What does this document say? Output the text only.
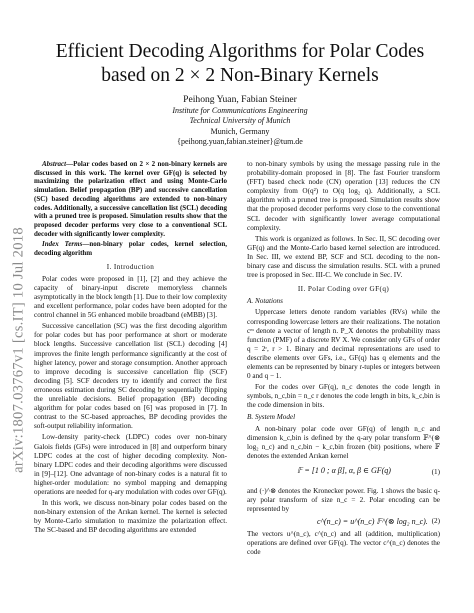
arXiv:1807.03767v1 [cs.IT] 10 Jul 2018
Efficient Decoding Algorithms for Polar Codes
based on 2 × 2 Non-Binary Kernels
Peihong Yuan, Fabian Steiner
Institute for Communications Engineering
Technical University of Munich
Munich, Germany
{peihong.yuan,fabian.steiner}@tum.de

Abstract—Polar codes based on 2 × 2 non-binary kernels are discussed in this work. The kernel over GF(q) is selected by maximizing the polarization effect and using Monte-Carlo simulation. Belief propagation (BP) and successive cancellation (SC) based decoding algorithms are extended to non-binary codes. Additionally, a successive cancellation list (SCL) decoding with a pruned tree is proposed. Simulation results show that the proposed decoder performs very close to a conventional SCL decoder with significantly lower complexity.

Index Terms—non-binary polar codes, kernel selection, decoding algorithm

I. Introduction

Polar codes were proposed in [1], [2] and they achieve the capacity of binary-input discrete memoryless channels asymptotically in the block length [1]. Due to their low complexity and excellent performance, polar codes have been adopted for the control channel in 5G enhanced mobile broadband (eMBB) [3].

Successive cancellation (SC) was the first decoding algorithm for polar codes but has poor performance at short or moderate block lengths. Successive cancellation list (SCL) decoding [4] improves the finite length performance significantly at the cost of higher latency, power and storage consumption. Another approach to improve decoding is successive cancellation flip (SCF) decoding [5]. SCF decoders try to identify and correct the first erroneous estimation during SC decoding by sequentially flipping the unreliable decisions. Belief propagation (BP) decoding algorithm for polar codes based on [6] was proposed in [7]. In contrast to the SC-based approaches, BP decoding provides the soft-output reliability information.

Low-density parity-check (LDPC) codes over non-binary Galois fields (GFs) were introduced in [8] and outperform binary LDPC codes at the cost of higher decoding complexity. Non-binary LDPC codes and their decoding algorithms were discussed in [9]–[12]. One advantage of non-binary codes is a natural fit to higher-order modulation: no symbol mapping and demapping operations are needed for q-ary modulation with codes over GF(q).

In this work, we discuss non-binary polar codes based on the non-binary extension of the Arıkan kernel. The kernel is selected by Monte-Carlo simulation to maximize the polarization effect. The SC-based and BP decoding algorithms are extended

to non-binary symbols by using the message passing rule in the probability-domain proposed in [8]. The fast Fourier transform (FFT) based check node (CN) operation [13] reduces the CN complexity from O(q²) to O(q log₂ q). Additionally, a SCL algorithm with a pruned tree is proposed. Simulation results show that the proposed decoder performs very close to the conventional SCL decoder with significantly lower average computational complexity.

This work is organized as follows. In Sec. II, SC decoding over GF(q) and the Monte-Carlo based kernel selection are introduced. In Sec. III, we extend BP, SCF and SCL decoding to the non-binary case and discuss the simulation results. SCL with a pruned tree is proposed in Sec. III-C. We conclude in Sec. IV.

II. Polar Coding over GF(q)
A. Notations

Uppercase letters denote random variables (RVs) while the corresponding lowercase letters are their realizations. The notation cᵐ denote a vector of length n. P_X denotes the probability mass function (PMF) of a discrete RV X. We consider only GFs of order q = 2ʳ, r > 1. Binary and decimal representations are used to describe elements over GFs, i.e., GF(q) has q elements and the elements can be represented by binary r-tuples or integers between 0 and q − 1.

For the codes over GF(q), n_c denotes the code length in symbols, n_c,bin = n_c r denotes the code length in bits, k_c,bin is the code dimension in bits.

B. System Model

A non-binary polar code over GF(q) of length n_c and dimension k_c,bin is defined by the q-ary polar transform 𝔽^(⊗ log₂ n_c) and n_c,bin − k_c,bin frozen (bit) positions, where 𝔽 denotes the extended Arıkan kernel

𝔽 = [1 0 ; α β], α, β ∈ GF(q)	(1)

and (·)^⊗ denotes the Kronecker power. Fig. 1 shows the basic q-ary polar transform of size n_c = 2. Polar encoding can be represented by

c^(n_c) = u^(n_c) 𝔽^(⊗ log₂ n_c). (2)

The vectors u^(n_c), c^(n_c) and all (addition, multiplication) operations are defined over GF(q). The vector c^(n_c) denotes the code
